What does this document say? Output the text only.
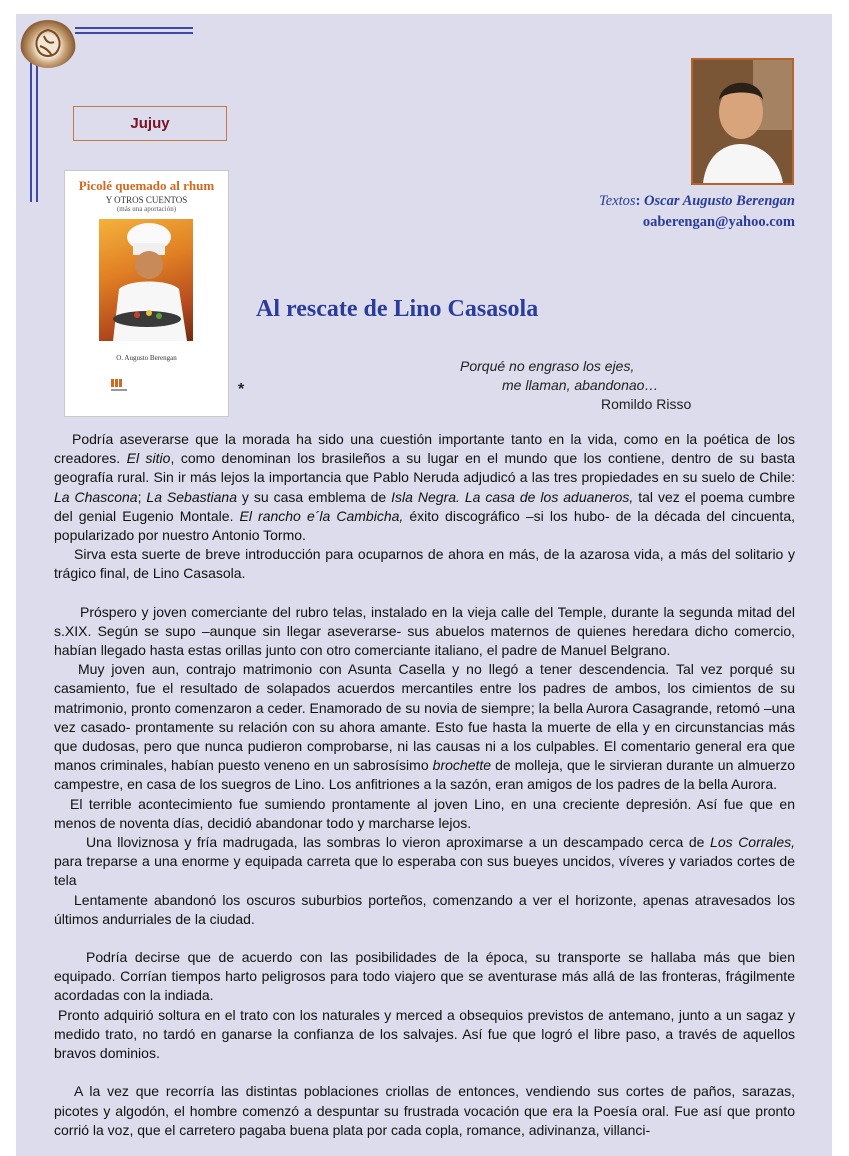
Jujuy
Picolé quemado al rhum
Y OTROS CUENTOS
(más una aportación)
O. Augusto Berengan
*
Textos: Oscar Augusto Berengan
oaberengan@yahoo.com
Al rescate de Lino Casasola
Porqué no engraso los ejes,
me llaman, abandonao…
Romildo Risso

Podría aseverarse que la morada ha sido una cuestión importante tanto en la vida, como en la poética de los creadores. El sitio, como denominan los brasileños a su lugar en el mundo que los contiene, dentro de su basta geografía rural. Sin ir más lejos la importancia que Pablo Neruda adjudicó a las tres propiedades en su suelo de Chile: La Chascona; La Sebastiana y su casa emblema de Isla Negra. La casa de los aduaneros, tal vez el poema cumbre del genial Eugenio Montale. El rancho e´la Cambicha, éxito discográfico –si los hubo- de la década del cincuenta, popularizado por nuestro Antonio Tormo.

Sirva esta suerte de breve introducción para ocuparnos de ahora en más, de la azarosa vida, a más del solitario y trágico final, de Lino Casasola.

Próspero y joven comerciante del rubro telas, instalado en la vieja calle del Temple, durante la segunda mitad del s.XIX. Según se supo –aunque sin llegar aseverarse- sus abuelos maternos de quienes heredara dicho comercio, habían llegado hasta estas orillas junto con otro comerciante italiano, el padre de Manuel Belgrano.

Muy joven aun, contrajo matrimonio con Asunta Casella y no llegó a tener descendencia. Tal vez porqué su casamiento, fue el resultado de solapados acuerdos mercantiles entre los padres de ambos, los cimientos de su matrimonio, pronto comenzaron a ceder. Enamorado de su novia de siempre; la bella Aurora Casagrande, retomó –una vez casado- prontamente su relación con su ahora amante. Esto fue hasta la muerte de ella y en circunstancias más que dudosas, pero que nunca pudieron comprobarse, ni las causas ni a los culpables. El comentario general era que manos criminales, habían puesto veneno en un sabrosísimo brochette de molleja, que le sirvieran durante un almuerzo campestre, en casa de los suegros de Lino. Los anfitriones a la sazón, eran amigos de los padres de la bella Aurora.

El terrible acontecimiento fue sumiendo prontamente al joven Lino, en una creciente depresión. Así fue que en menos de noventa días, decidió abandonar todo y marcharse lejos.

Una lloviznosa y fría madrugada, las sombras lo vieron aproximarse a un descampado cerca de Los Corrales, para treparse a una enorme y equipada carreta que lo esperaba con sus bueyes uncidos, víveres y variados cortes de tela

Lentamente abandonó los oscuros suburbios porteños, comenzando a ver el horizonte, apenas atravesados los últimos andurriales de la ciudad.

Podría decirse que de acuerdo con las posibilidades de la época, su transporte se hallaba más que bien equipado. Corrían tiempos harto peligrosos para todo viajero que se aventurase más allá de las fronteras, frágilmente acordadas con la indiada.

Pronto adquirió soltura en el trato con los naturales y merced a obsequios previstos de antemano, junto a un sagaz y medido trato, no tardó en ganarse la confianza de los salvajes. Así fue que logró el libre paso, a través de aquellos bravos dominios.

A la vez que recorría las distintas poblaciones criollas de entonces, vendiendo sus cortes de paños, sarazas, picotes y algodón, el hombre comenzó a despuntar su frustrada vocación que era la Poesía oral. Fue así que pronto corrió la voz, que el carretero pagaba buena plata por cada copla, romance, adivinanza, villanci-
